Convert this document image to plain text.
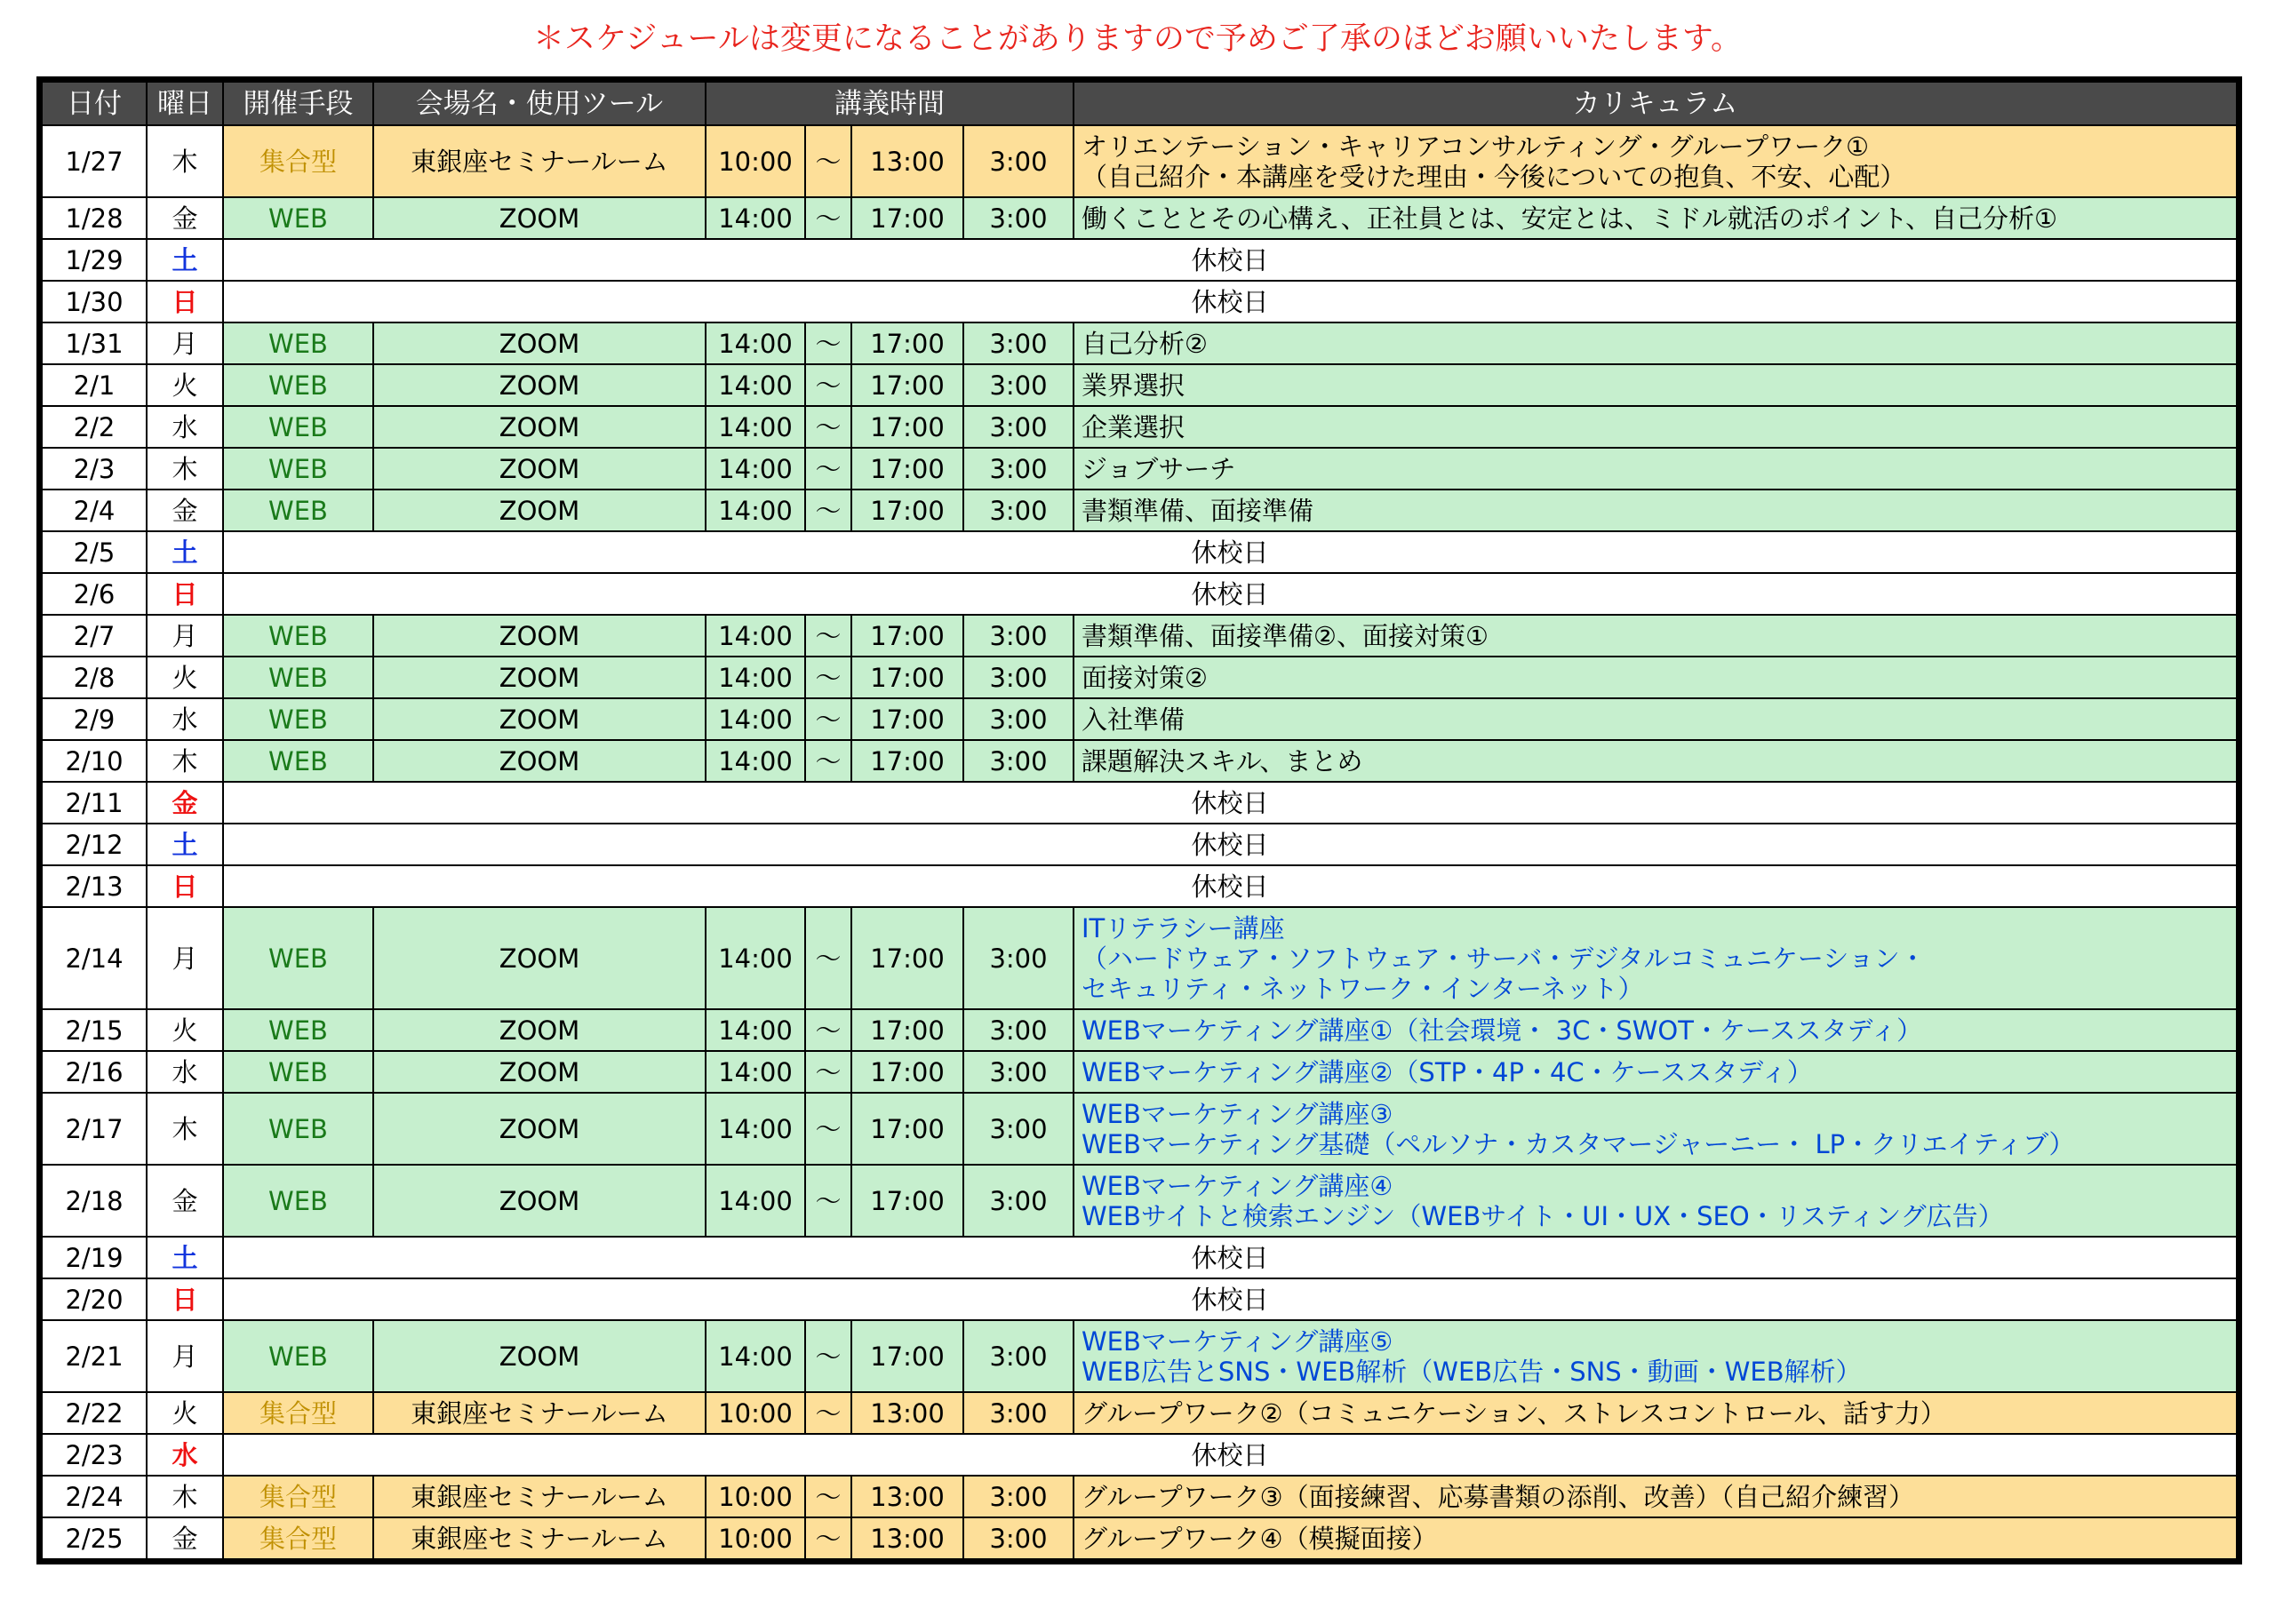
＊スケジュールは変更になることがありますので予めご了承のほどお願いいたします。
日付	曜日	開催手段	会場名・使用ツール	講義時間				カリキュラム
1/27	木	集合型	東銀座セミナールーム	10:00	〜	13:00	3:00	オリエンテーション・キャリアコンサルティング・グループワーク①
（自己紹介・本講座を受けた理由・今後についての抱負、不安、心配）

1/28	金	WEB	ZOOM	14:00	〜	17:00	3:00	働くこととその心構え、正社員とは、安定とは、ミドル就活のポイント、自己分析①

1/29	土	休校日						
1/30	日	休校日						
1/31	月	WEB	ZOOM	14:00	〜	17:00	3:00	自己分析②

2/1	火	WEB	ZOOM	14:00	〜	17:00	3:00	業界選択

2/2	水	WEB	ZOOM	14:00	〜	17:00	3:00	企業選択

2/3	木	WEB	ZOOM	14:00	〜	17:00	3:00	ジョブサーチ

2/4	金	WEB	ZOOM	14:00	〜	17:00	3:00	書類準備、面接準備

2/5	土	休校日						
2/6	日	休校日						
2/7	月	WEB	ZOOM	14:00	〜	17:00	3:00	書類準備、面接準備②、面接対策①

2/8	火	WEB	ZOOM	14:00	〜	17:00	3:00	面接対策②

2/9	水	WEB	ZOOM	14:00	〜	17:00	3:00	入社準備

2/10	木	WEB	ZOOM	14:00	〜	17:00	3:00	課題解決スキル、まとめ

2/11	金	休校日						
2/12	土	休校日						
2/13	日	休校日						
2/14	月	WEB	ZOOM	14:00	〜	17:00	3:00	ITリテラシー講座
（ハードウェア・ソフトウェア・サーバ・デジタルコミュニケーション・
セキュリティ・ネットワーク・インターネット）

2/15	火	WEB	ZOOM	14:00	〜	17:00	3:00	WEBマーケティング講座①（社会環境・ 3C・SWOT・ケーススタディ）

2/16	水	WEB	ZOOM	14:00	〜	17:00	3:00	WEBマーケティング講座②（STP・4P・4C・ケーススタディ）

2/17	木	WEB	ZOOM	14:00	〜	17:00	3:00	WEBマーケティング講座③
WEBマーケティング基礎（ペルソナ・カスタマージャーニー・ LP・クリエイティブ）

2/18	金	WEB	ZOOM	14:00	〜	17:00	3:00	WEBマーケティング講座④
WEBサイトと検索エンジン（WEBサイト・UI・UX・SEO・リスティング広告）

2/19	土	休校日						
2/20	日	休校日						
2/21	月	WEB	ZOOM	14:00	〜	17:00	3:00	WEBマーケティング講座⑤
WEB広告とSNS・WEB解析（WEB広告・SNS・動画・WEB解析）

2/22	火	集合型	東銀座セミナールーム	10:00	〜	13:00	3:00	グループワーク②（コミュニケーション、ストレスコントロール、話す力）

2/23	水	休校日						
2/24	木	集合型	東銀座セミナールーム	10:00	〜	13:00	3:00	グループワーク③（面接練習、応募書類の添削、改善）（自己紹介練習）

2/25	金	集合型	東銀座セミナールーム	10:00	〜	13:00	3:00	グループワーク④（模擬面接）
